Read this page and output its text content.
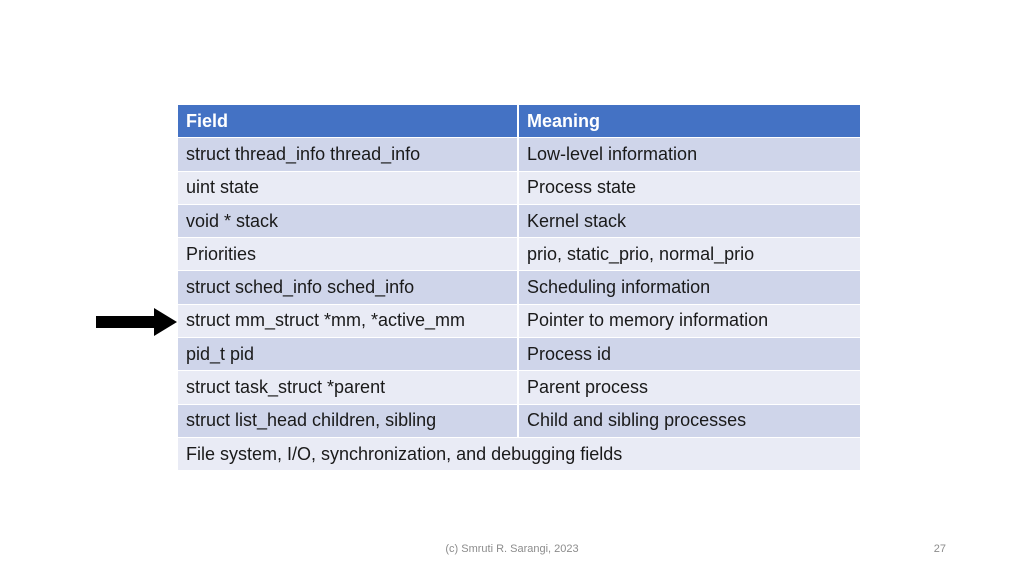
Field	Meaning
struct thread_info thread_info	Low-level information
uint state	Process state
void * stack	Kernel stack
Priorities	prio, static_prio, normal_prio
struct sched_info sched_info	Scheduling information
struct mm_struct *mm, *active_mm	Pointer to memory information
pid_t pid	Process id
struct task_struct *parent	Parent process
struct list_head children, sibling	Child and sibling processes
File system, I/O, synchronization, and debugging fields
(c) Smruti R. Sarangi, 2023	27
